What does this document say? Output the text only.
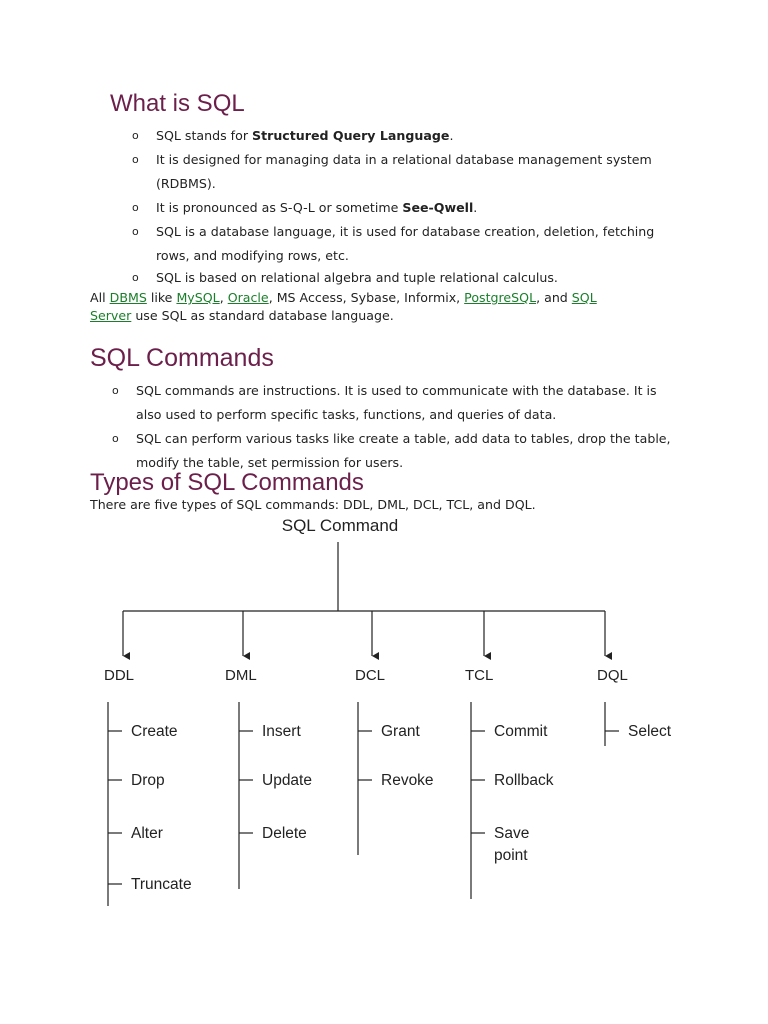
What is SQL
o SQL stands for Structured Query Language.
o It is designed for managing data in a relational database management system (RDBMS).
o It is pronounced as S-Q-L or sometime See-Qwell.
o SQL is a database language, it is used for database creation, deletion, fetching rows, and modifying rows, etc.
o SQL is based on relational algebra and tuple relational calculus.

All DBMS like MySQL, Oracle, MS Access, Sybase, Informix, PostgreSQL, and SQL Server use SQL as standard database language.

SQL Commands
o SQL commands are instructions. It is used to communicate with the database. It is also used to perform specific tasks, functions, and queries of data.
o SQL can perform various tasks like create a table, add data to tables, drop the table, modify the table, set permission for users.
Types of SQL Commands

There are five types of SQL commands: DDL, DML, DCL, TCL, and DQL.

SQL Command
DDL
Create
Drop
Alter
Truncate
DML
Insert
Update
Delete
DCL
Grant
Revoke
TCL
Commit
Rollback
Save point
DQL
Select
